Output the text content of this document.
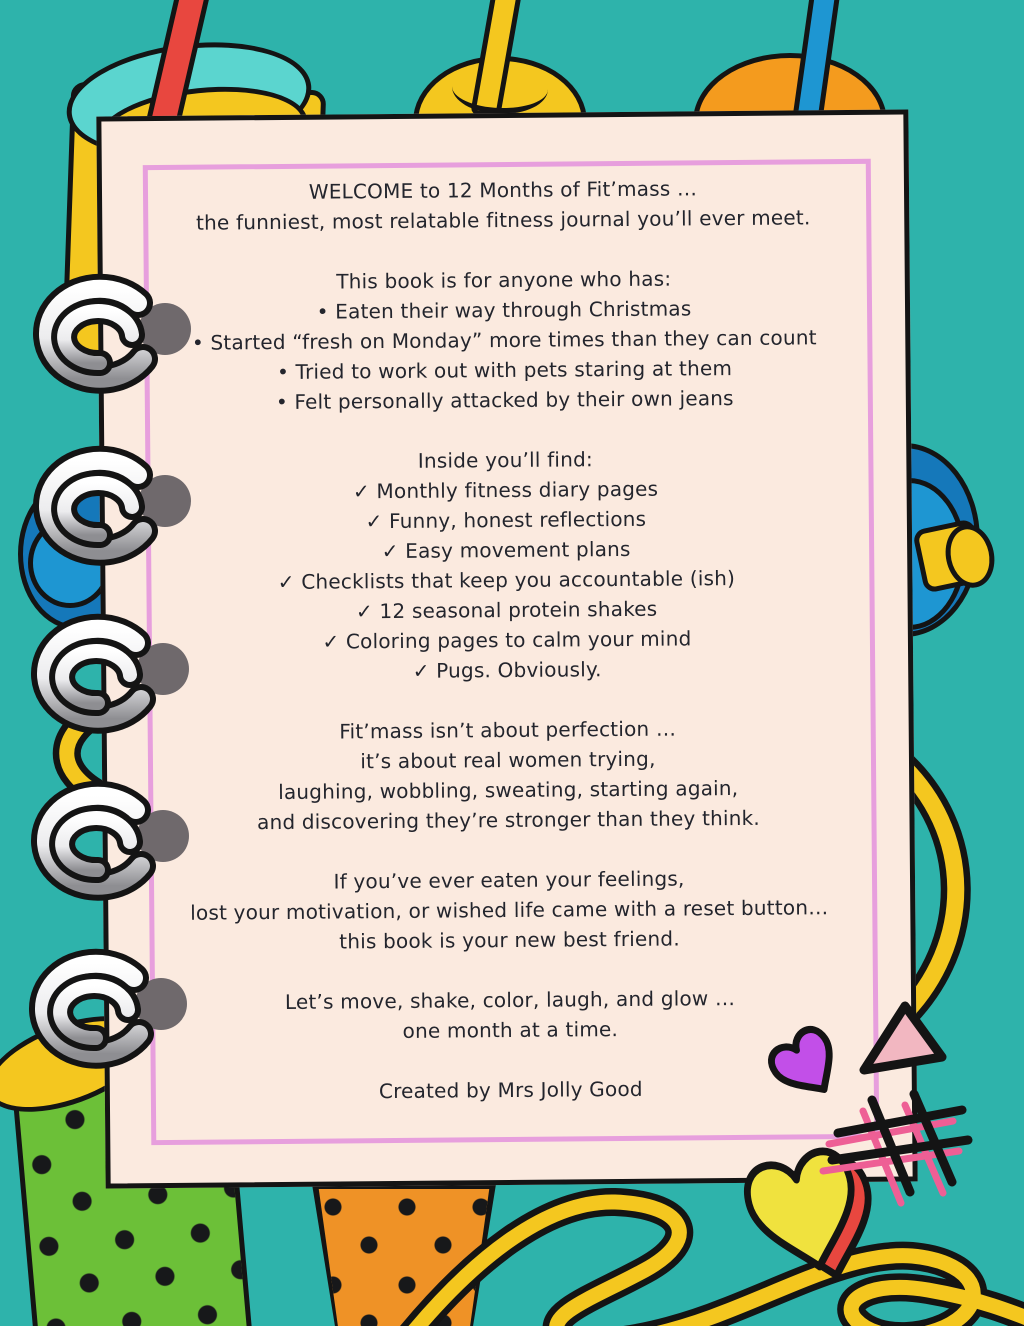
WELCOME to 12 Months of Fit’mass …
the funniest, most relatable fitness journal you’ll ever meet.

This book is for anyone who has:
• Eaten their way through Christmas
• Started “fresh on Monday” more times than they can count
• Tried to work out with pets staring at them
• Felt personally attacked by their own jeans

Inside you’ll find:
✓ Monthly fitness diary pages
✓ Funny, honest reflections
✓ Easy movement plans
✓ Checklists that keep you accountable (ish)
✓ 12 seasonal protein shakes
✓ Coloring pages to calm your mind
✓ Pugs. Obviously.

Fit’mass isn’t about perfection …
it’s about real women trying,
laughing, wobbling, sweating, starting again,
and discovering they’re stronger than they think.

If you’ve ever eaten your feelings,
lost your motivation, or wished life came with a reset button…
this book is your new best friend.

Let’s move, shake, color, laugh, and glow …
one month at a time.

Created by Mrs Jolly Good
